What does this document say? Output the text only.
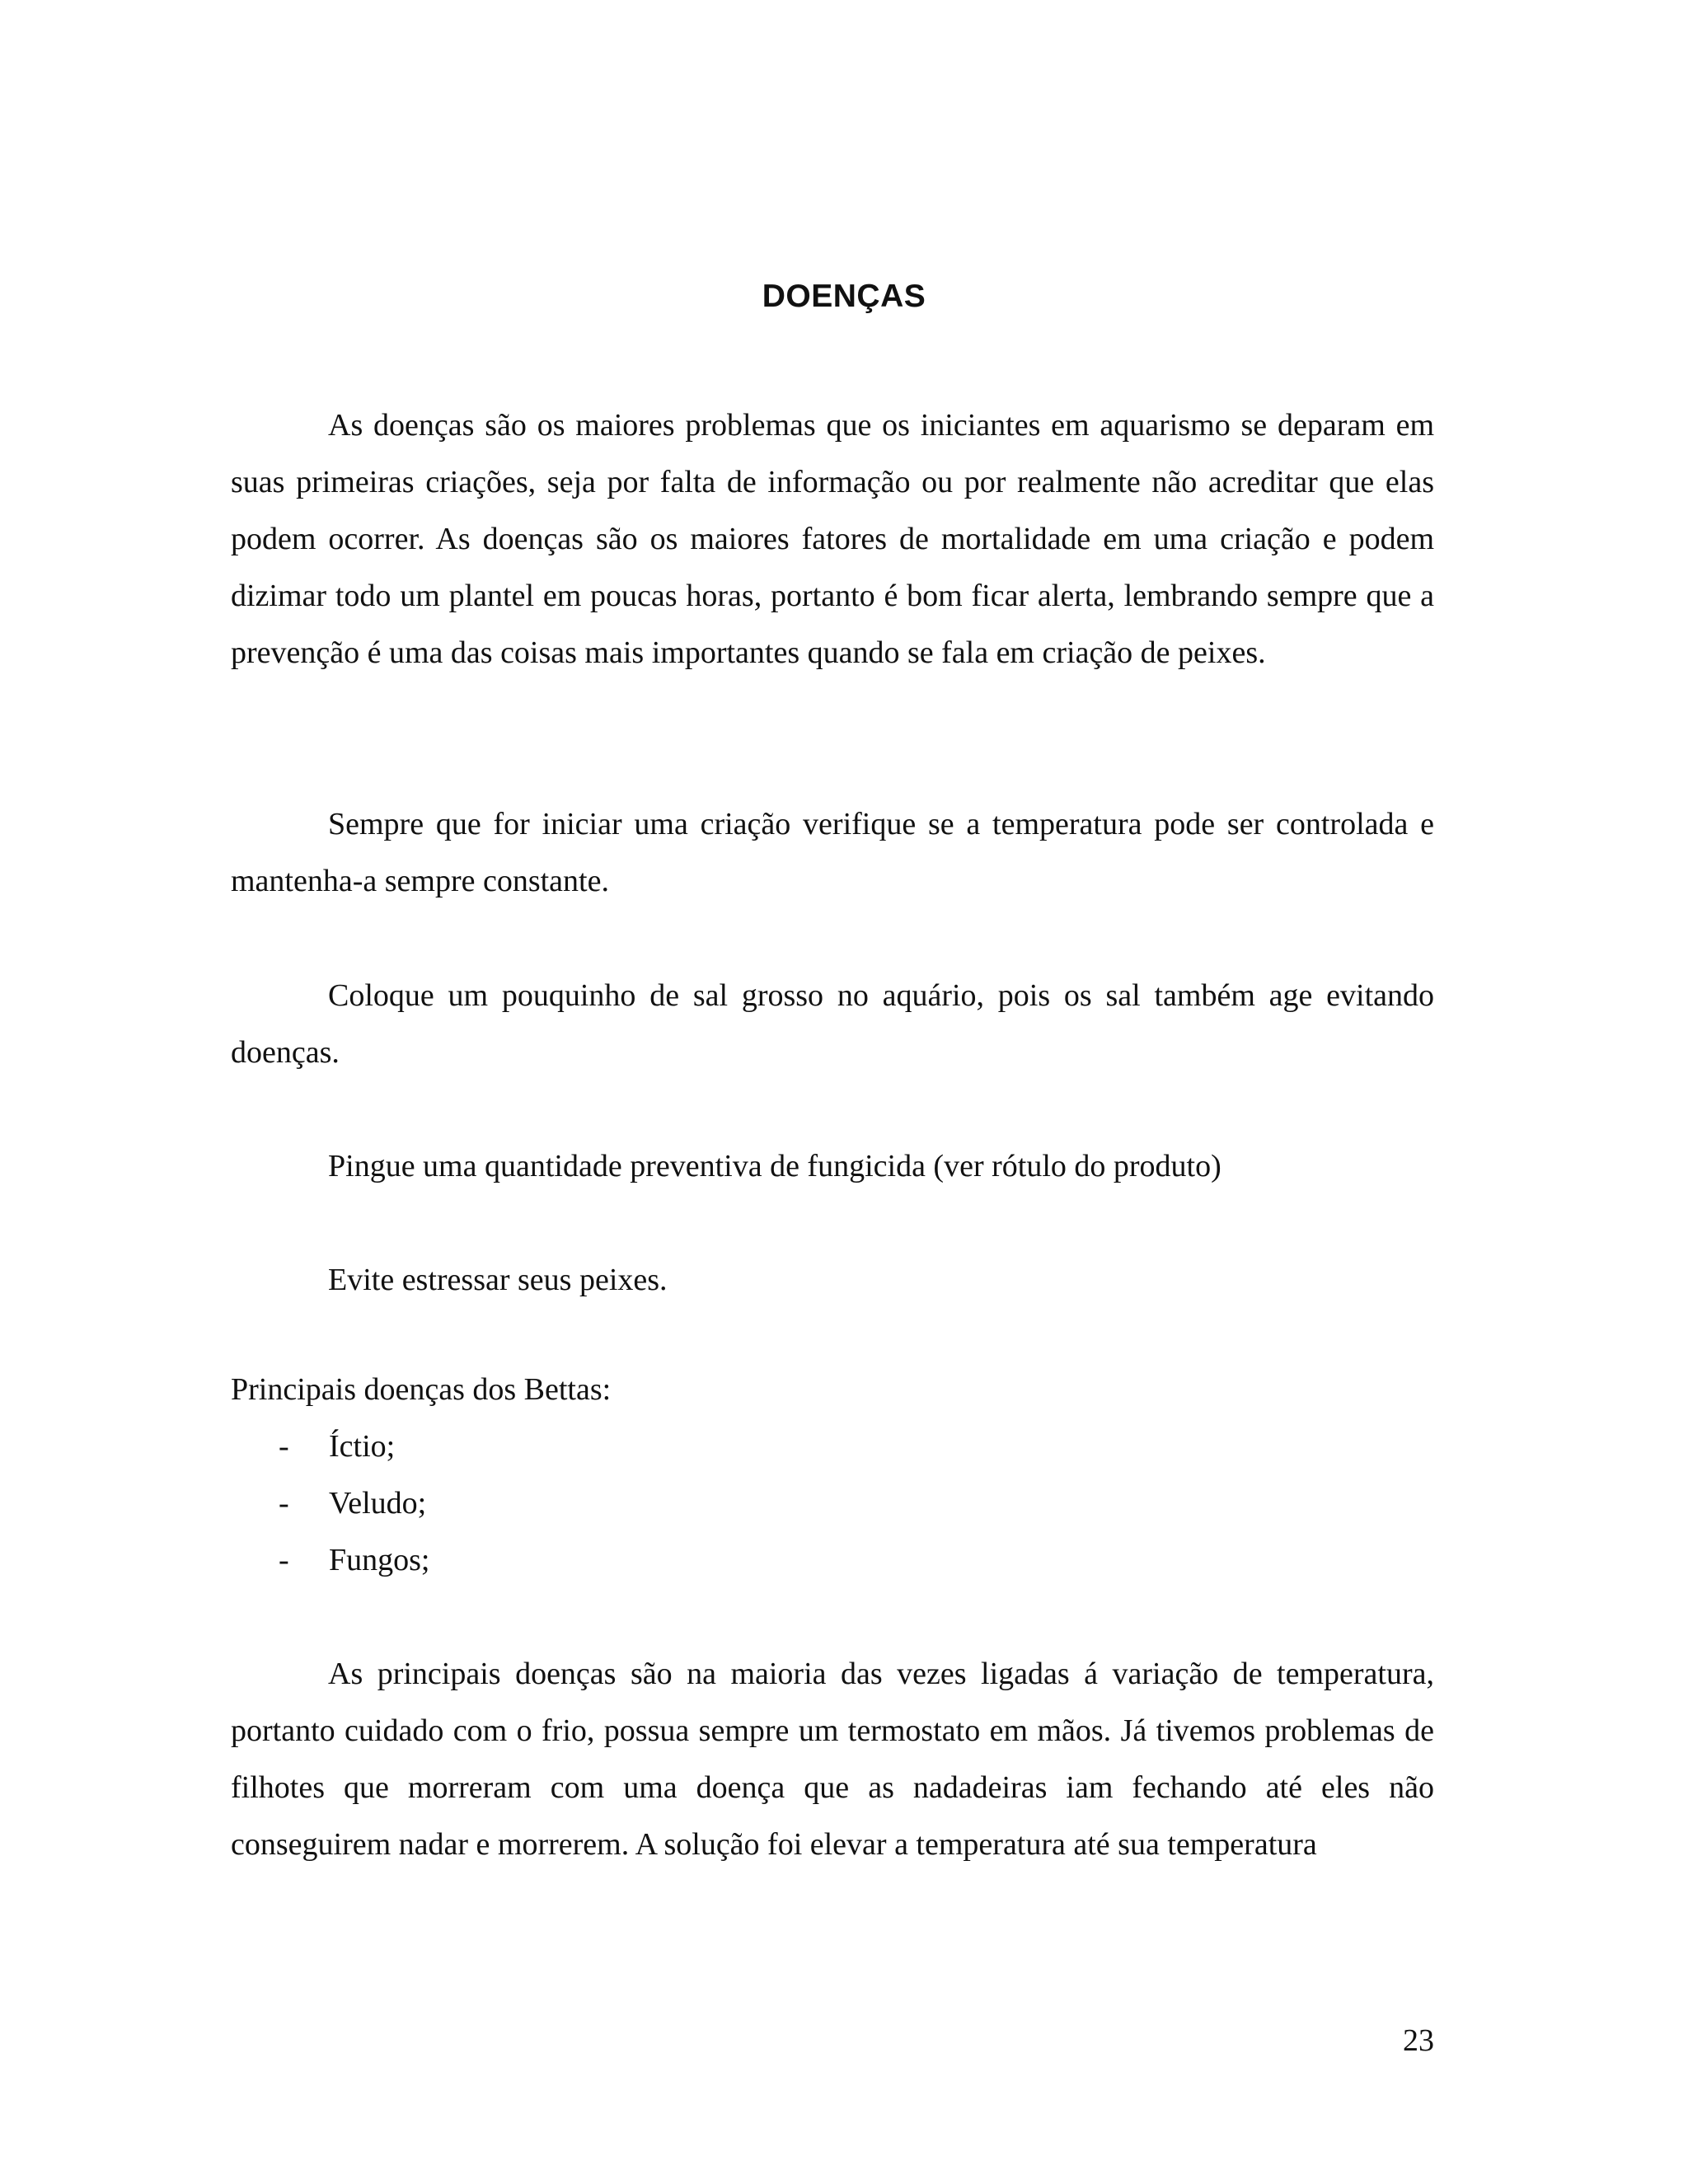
DOENÇAS

As doenças são os maiores problemas que os iniciantes em aquarismo se deparam em suas primeiras criações, seja por falta de informação ou por realmente não acreditar que elas podem ocorrer. As doenças são os maiores fatores de mortalidade em uma criação e podem dizimar todo um plantel em poucas horas, portanto é bom ficar alerta, lembrando sempre que a prevenção é uma das coisas mais importantes quando se fala em criação de peixes.

Sempre que for iniciar uma criação verifique se a temperatura pode ser controlada e mantenha-a sempre constante.

Coloque um pouquinho de sal grosso no aquário, pois os sal também age evitando doenças.

Pingue uma quantidade preventiva de fungicida (ver rótulo do produto)

Evite estressar seus peixes.

Principais doenças dos Bettas:

- Íctio;
- Veludo;
- Fungos;

As principais doenças são na maioria das vezes ligadas á variação de temperatura, portanto cuidado com o frio, possua sempre um termostato em mãos. Já tivemos problemas de filhotes que morreram com uma doença que as nadadeiras iam fechando até eles não conseguirem nadar e morrerem. A solução foi elevar a temperatura até sua temperatura

23
